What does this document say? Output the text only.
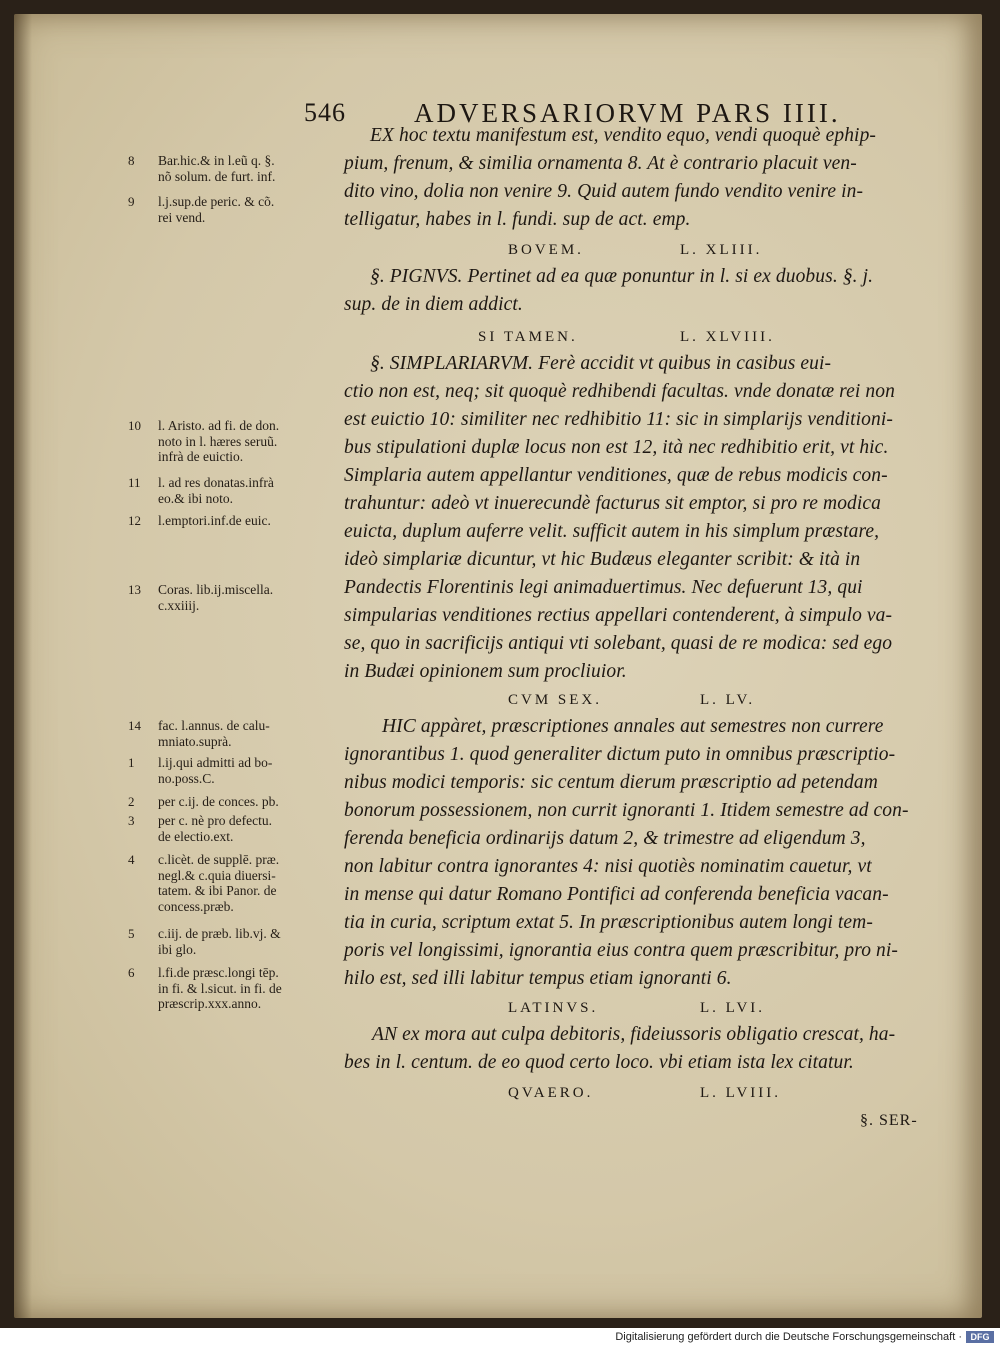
546	ADVERSARIORVM PARS IIII.
8 Bar.hic.& in l.eũ q. §.
nõ solum. de furt. inf.
9 l.j.sup.de peric. & cõ.
rei vend.
10 l. Aristo. ad fi. de don.
noto in l. hæres seruũ.
infrà de euictio.
11 l. ad res donatas.infrà
eo.& ibi noto.
12 l.emptori.inf.de euic.
13 Coras. lib.ij.miscella.
c.xxiiij.
14 fac. l.annus. de calu-
mniato.suprà.
1 l.ij.qui admitti ad bo-
no.poss.C.
2 per c.ij. de conces. pb.
3 per c. nè pro defectu.
de electio.ext.
4 c.licèt. de supplē. præ.
negl.& c.quia diuersi-
tatem. & ibi Panor. de
concess.præb.
5 c.iij. de præb. lib.vj. &
ibi glo.
6 l.fi.de præsc.longi tēp.
in fi. & l.sicut. in fi. de
præscrip.xxx.anno.
EX hoc textu manifestum est, vendito equo, vendi quoquè ephip-
pium, frenum, & similia ornamenta 8. At è contrario placuit ven-
dito vino, dolia non venire 9. Quid autem fundo vendito venire in-
telligatur, habes in l. fundi. sup de act. emp.
BOVEM.	L. XLIII.
§. PIGNVS. Pertinet ad ea quæ ponuntur in l. si ex duobus. §. j.
sup. de in diem addict.
SI TAMEN.	L. XLVIII.
§. SIMPLARIARVM. Ferè accidit vt quibus in casibus eui-
ctio non est, neq; sit quoquè redhibendi facultas. vnde donatæ rei non
est euictio 10: similiter nec redhibitio 11: sic in simplarijs venditioni-
bus stipulationi duplæ locus non est 12, ità nec redhibitio erit, vt hic.
Simplaria autem appellantur venditiones, quæ de rebus modicis con-
trahuntur: adeò vt inuerecundè facturus sit emptor, si pro re modica
euicta, duplum auferre velit. sufficit autem in his simplum præstare,
ideò simplariæ dicuntur, vt hic Budæus eleganter scribit: & ità in
Pandectis Florentinis legi animaduertimus. Nec defuerunt 13, qui
simpularias venditiones rectius appellari contenderent, à simpulo va-
se, quo in sacrificijs antiqui vti solebant, quasi de re modica: sed ego
in Budæi opinionem sum procliuior.
CVM SEX.	L. LV.
HIC appàret, præscriptiones annales aut semestres non currere
ignorantibus 1. quod generaliter dictum puto in omnibus præscriptio-
nibus modici temporis: sic centum dierum præscriptio ad petendam
bonorum possessionem, non currit ignoranti 1. Itidem semestre ad con-
ferenda beneficia ordinarijs datum 2, & trimestre ad eligendum 3,
non labitur contra ignorantes 4: nisi quotiès nominatim cauetur, vt
in mense qui datur Romano Pontifici ad conferenda beneficia vacan-
tia in curia, scriptum extat 5. In præscriptionibus autem longi tem-
poris vel longissimi, ignorantia eius contra quem præscribitur, pro ni-
hilo est, sed illi labitur tempus etiam ignoranti 6.
LATINVS.	L. LVI.
AN ex mora aut culpa debitoris, fideiussoris obligatio crescat, ha-
bes in l. centum. de eo quod certo loco. vbi etiam ista lex citatur.
QVAERO.	L. LVIII.
§. SER-
Digitalisierung gefördert durch die Deutsche Forschungsgemeinschaft · DFG
